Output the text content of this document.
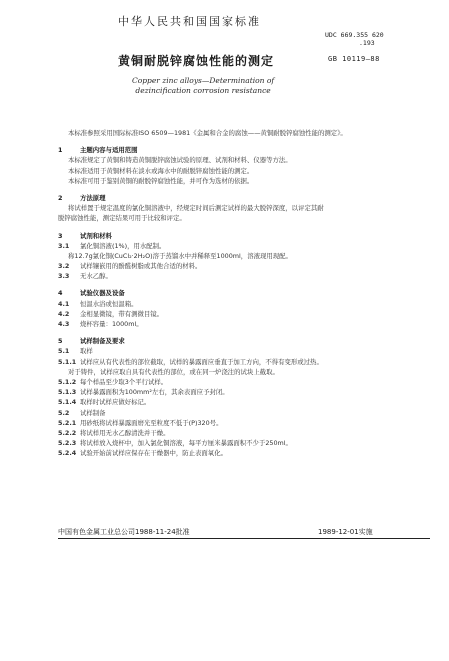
中华人民共和国国家标准
UDC 669.355 620
.193
黄铜耐脱锌腐蚀性能的测定	GB 10119—88
Copper zinc alloys—Determination of
dezincification corrosion resistance
本标准参照采用国际标准ISO 6509—1981《金属和合金的腐蚀——黄铜耐脱锌腐蚀性能的测定》。
1	主题内容与适用范围
本标准规定了黄铜和铸造黄铜脱锌腐蚀试验的原理、试剂和材料、仪器等方法。
本标准适用于黄铜材料在淡水或海水中的耐脱锌腐蚀性能的测定。
本标准可用于鉴别黄铜的耐脱锌腐蚀性能，并可作为选材的依据。
2	方法原理
将试样置于规定温度的氯化铜溶液中，经规定时间后测定试样的最大脱锌深度，以评定其耐
脱锌腐蚀性能，测定结果可用于比较和评定。
3	试剂和材料
3.1 氯化铜溶液(1%)，用水配制。
称12.7g氯化铜(CuCl₂·2H₂O)溶于蒸馏水中并稀释至1000ml，溶液现用现配。
3.2 试样镶嵌用的酚醛树脂或其他合适的材料。
3.3 无水乙醇。
4	试验仪器及设备
4.1 恒温水浴或恒温箱。
4.2 金相显微镜，带有测微目镜。
4.3 烧杯容量：1000ml。
5	试样制备及要求
5.1 取样
5.1.1 试样应从有代表性的部位截取，试样的暴露面应垂直于加工方向，不得有变形或过热。
对于铸件，试样应取自具有代表性的部位，或在同一炉浇注的试块上截取。
5.1.2 每个样品至少取3个平行试样。
5.1.3 试样暴露面积为100mm²左右，其余表面应予封闭。
5.1.4 取样时试样应做好标记。
5.2 试样制备
5.2.1 用砂纸将试样暴露面磨光至粒度不低于(P)320号。
5.2.2 将试样用无水乙醇清洗并干燥。
5.2.3 将试样放入烧杯中，加入氯化铜溶液，每平方厘米暴露面积不少于250ml。
5.2.4 试验开始前试样应保存在干燥器中，防止表面氧化。
中国有色金属工业总公司1988-11-24批准	1989-12-01实施
